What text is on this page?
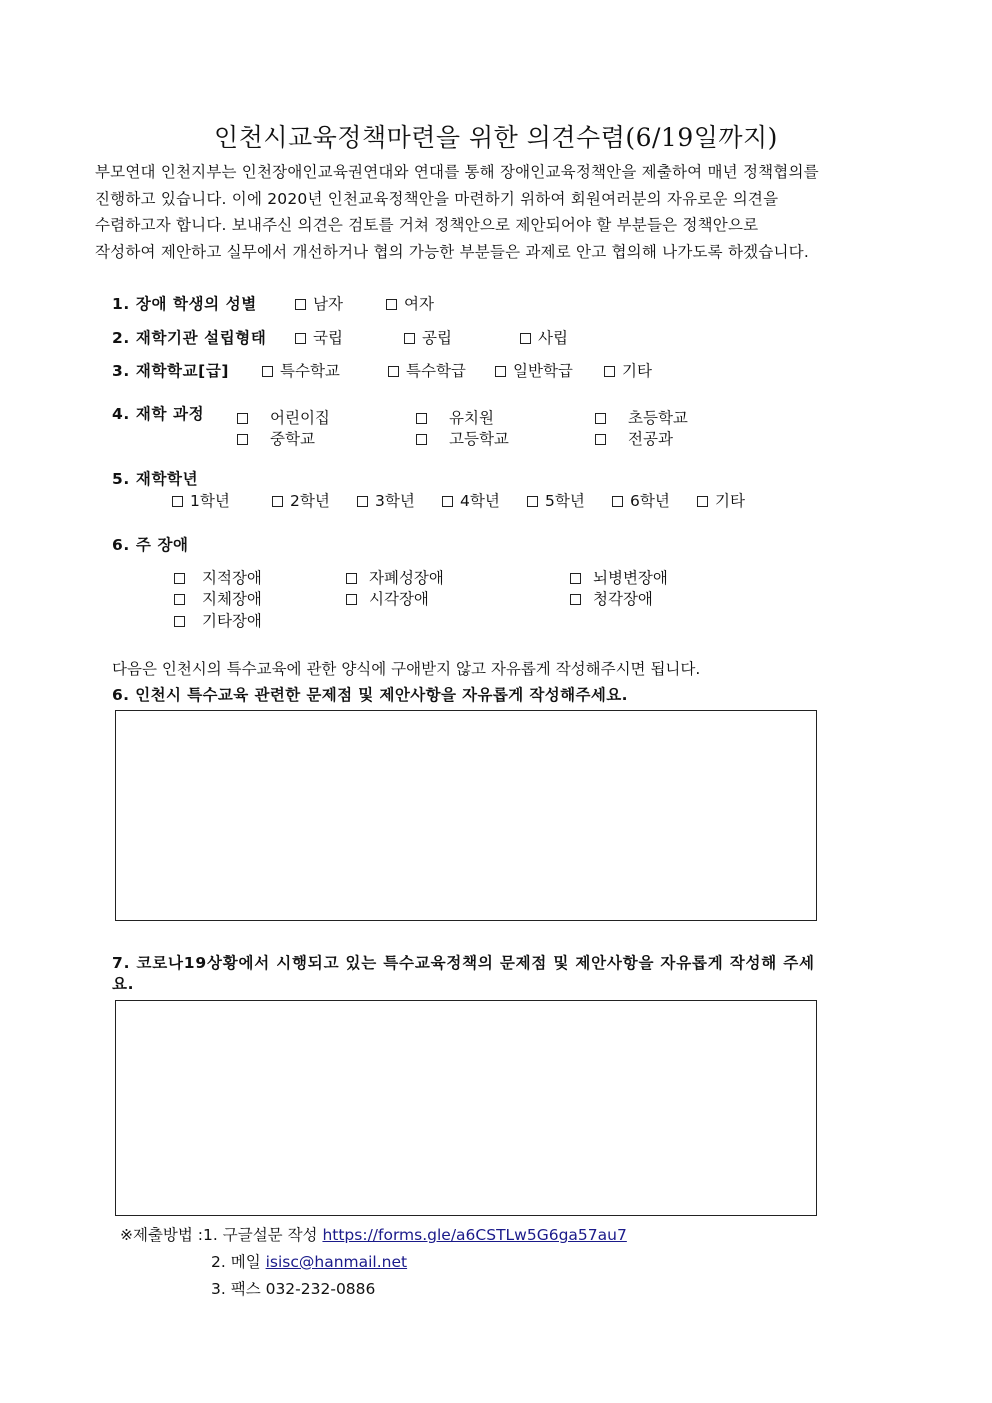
인천시교육정책마련을 위한 의견수렴(6/19일까지)
부모연대 인천지부는 인천장애인교육권연대와 연대를 통해 장애인교육정책안을 제출하여 매년 정책협의를
진행하고 있습니다. 이에 2020년 인천교육정책안을 마련하기 위하여 회원여러분의 자유로운 의견을
수렴하고자 합니다. 보내주신 의견은 검토를 거쳐 정책안으로 제안되어야 할 부분들은 정책안으로
작성하여 제안하고 실무에서 개선하거나 협의 가능한 부분들은 과제로 안고 협의해 나가도록 하겠습니다.
1. 장애 학생의 성별	남자	여자
2. 재학기관 설립형태	국립	공립	사립
3. 재학학교[급]	특수학교	특수학급	일반학급	기타
4. 재학 과정	어린이집	유치원	초등학교
중학교	고등학교	전공과
5. 재학학년
1학년	2학년	3학년	4학년	5학년	6학년	기타
6. 주 장애
지적장애	자폐성장애	뇌병변장애
지체장애	시각장애	청각장애
기타장애
다음은 인천시의 특수교육에 관한 양식에 구애받지 않고 자유롭게 작성해주시면 됩니다.
6. 인천시 특수교육 관련한 문제점 및 제안사항을 자유롭게 작성해주세요.
7. 코로나19상황에서 시행되고 있는 특수교육정책의 문제점 및 제안사항을 자유롭게 작성해 주세
요.
※제출방법 :1. 구글설문 작성 https://forms.gle/a6CSTLw5G6ga57au7
2. 메일 isisc@hanmail.net
3. 팩스 032-232-0886
